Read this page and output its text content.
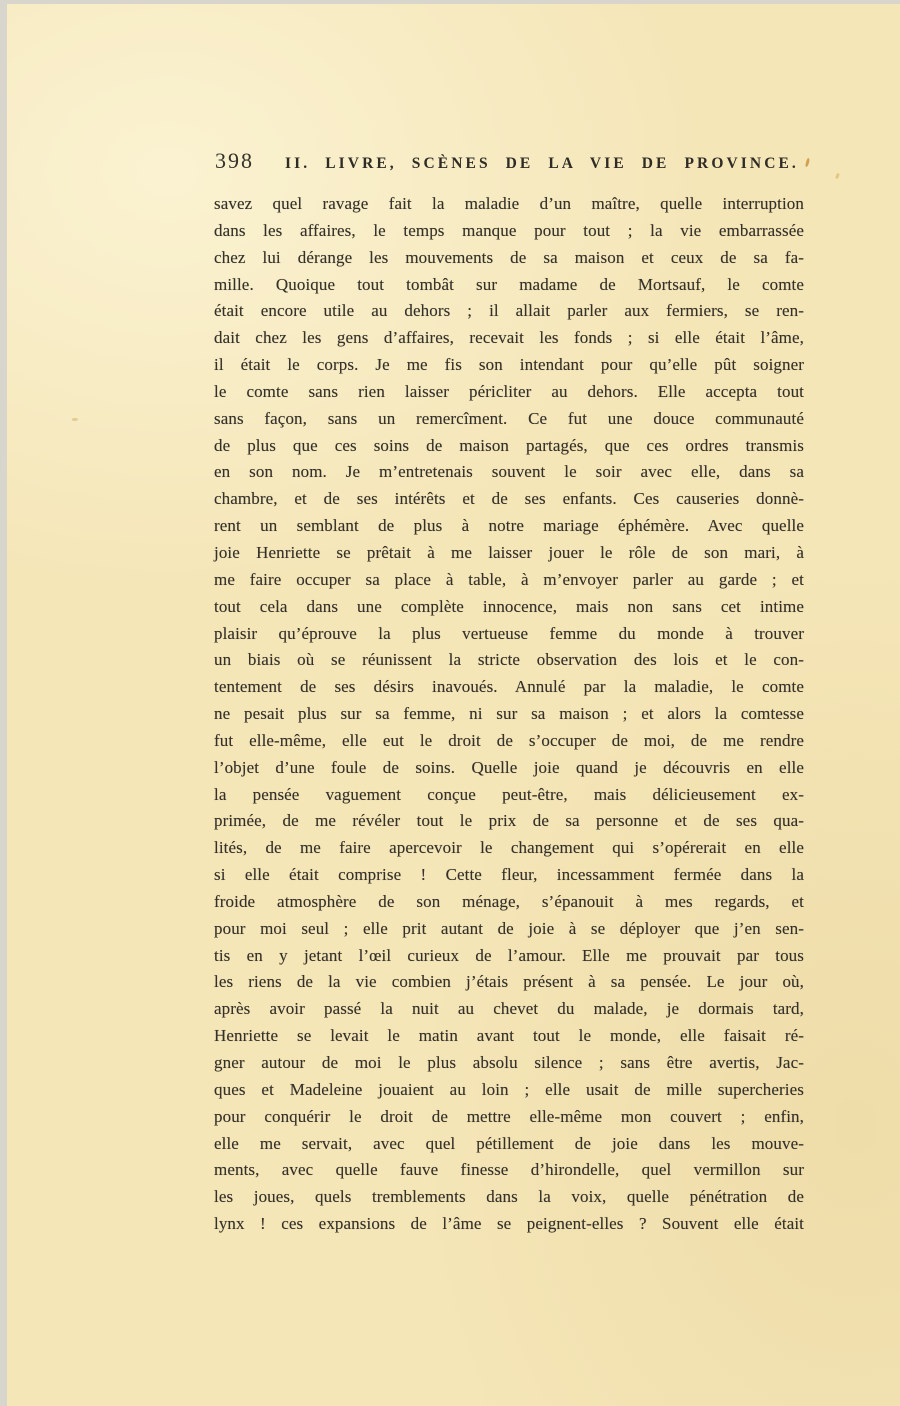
398 II. LIVRE, SCÈNES DE LA VIE DE PROVINCE.
savez quel ravage fait la maladie d’un maître, quelle interruption
dans les affaires, le temps manque pour tout ; la vie embarrassée
chez lui dérange les mouvements de sa maison et ceux de sa fa-
mille. Quoique tout tombât sur madame de Mortsauf, le comte
était encore utile au dehors ; il allait parler aux fermiers, se ren-
dait chez les gens d’affaires, recevait les fonds ; si elle était l’âme,
il était le corps. Je me fis son intendant pour qu’elle pût soigner
le comte sans rien laisser péricliter au dehors. Elle accepta tout
sans façon, sans un remercîment. Ce fut une douce communauté
de plus que ces soins de maison partagés, que ces ordres transmis
en son nom. Je m’entretenais souvent le soir avec elle, dans sa
chambre, et de ses intérêts et de ses enfants. Ces causeries donnè-
rent un semblant de plus à notre mariage éphémère. Avec quelle
joie Henriette se prêtait à me laisser jouer le rôle de son mari, à
me faire occuper sa place à table, à m’envoyer parler au garde ; et
tout cela dans une complète innocence, mais non sans cet intime
plaisir qu’éprouve la plus vertueuse femme du monde à trouver
un biais où se réunissent la stricte observation des lois et le con-
tentement de ses désirs inavoués. Annulé par la maladie, le comte
ne pesait plus sur sa femme, ni sur sa maison ; et alors la comtesse
fut elle-même, elle eut le droit de s’occuper de moi, de me rendre
l’objet d’une foule de soins. Quelle joie quand je découvris en elle
la pensée vaguement conçue peut-être, mais délicieusement ex-
primée, de me révéler tout le prix de sa personne et de ses qua-
lités, de me faire apercevoir le changement qui s’opérerait en elle
si elle était comprise ! Cette fleur, incessamment fermée dans la
froide atmosphère de son ménage, s’épanouit à mes regards, et
pour moi seul ; elle prit autant de joie à se déployer que j’en sen-
tis en y jetant l’œil curieux de l’amour. Elle me prouvait par tous
les riens de la vie combien j’étais présent à sa pensée. Le jour où,
après avoir passé la nuit au chevet du malade, je dormais tard,
Henriette se levait le matin avant tout le monde, elle faisait ré-
gner autour de moi le plus absolu silence ; sans être avertis, Jac-
ques et Madeleine jouaient au loin ; elle usait de mille supercheries
pour conquérir le droit de mettre elle-même mon couvert ; enfin,
elle me servait, avec quel pétillement de joie dans les mouve-
ments, avec quelle fauve finesse d’hirondelle, quel vermillon sur
les joues, quels tremblements dans la voix, quelle pénétration de
lynx ! ces expansions de l’âme se peignent-elles ? Souvent elle était
